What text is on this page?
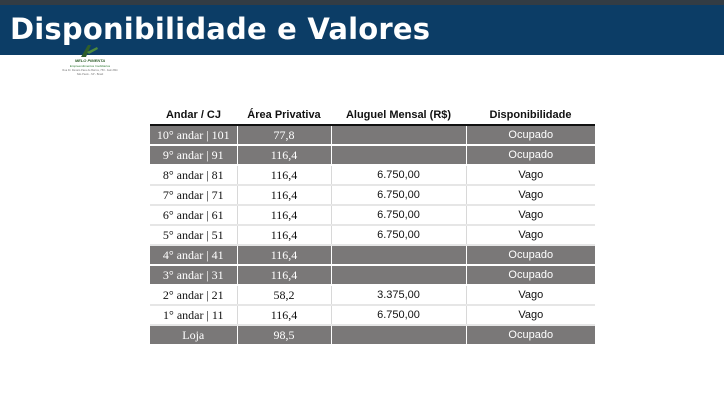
Disponibilidade e Valores
MELO PIMENTA
Empreendimentos Imobiliarios
Rua Dr. Renato Paes de Barros, 750 - Itaim Bibi
São Paulo - SP - Brasil
Andar / CJ	Área Privativa	Aluguel Mensal (R$)	Disponibilidade
10° andar | 101	77,8		Ocupado
9° andar | 91	116,4		Ocupado
8° andar | 81	116,4	6.750,00	Vago
7° andar | 71	116,4	6.750,00	Vago
6° andar | 61	116,4	6.750,00	Vago
5° andar | 51	116,4	6.750,00	Vago
4° andar | 41	116,4		Ocupado
3° andar | 31	116,4		Ocupado
2° andar | 21	58,2	3.375,00	Vago
1° andar | 11	116,4	6.750,00	Vago
Loja	98,5		Ocupado
